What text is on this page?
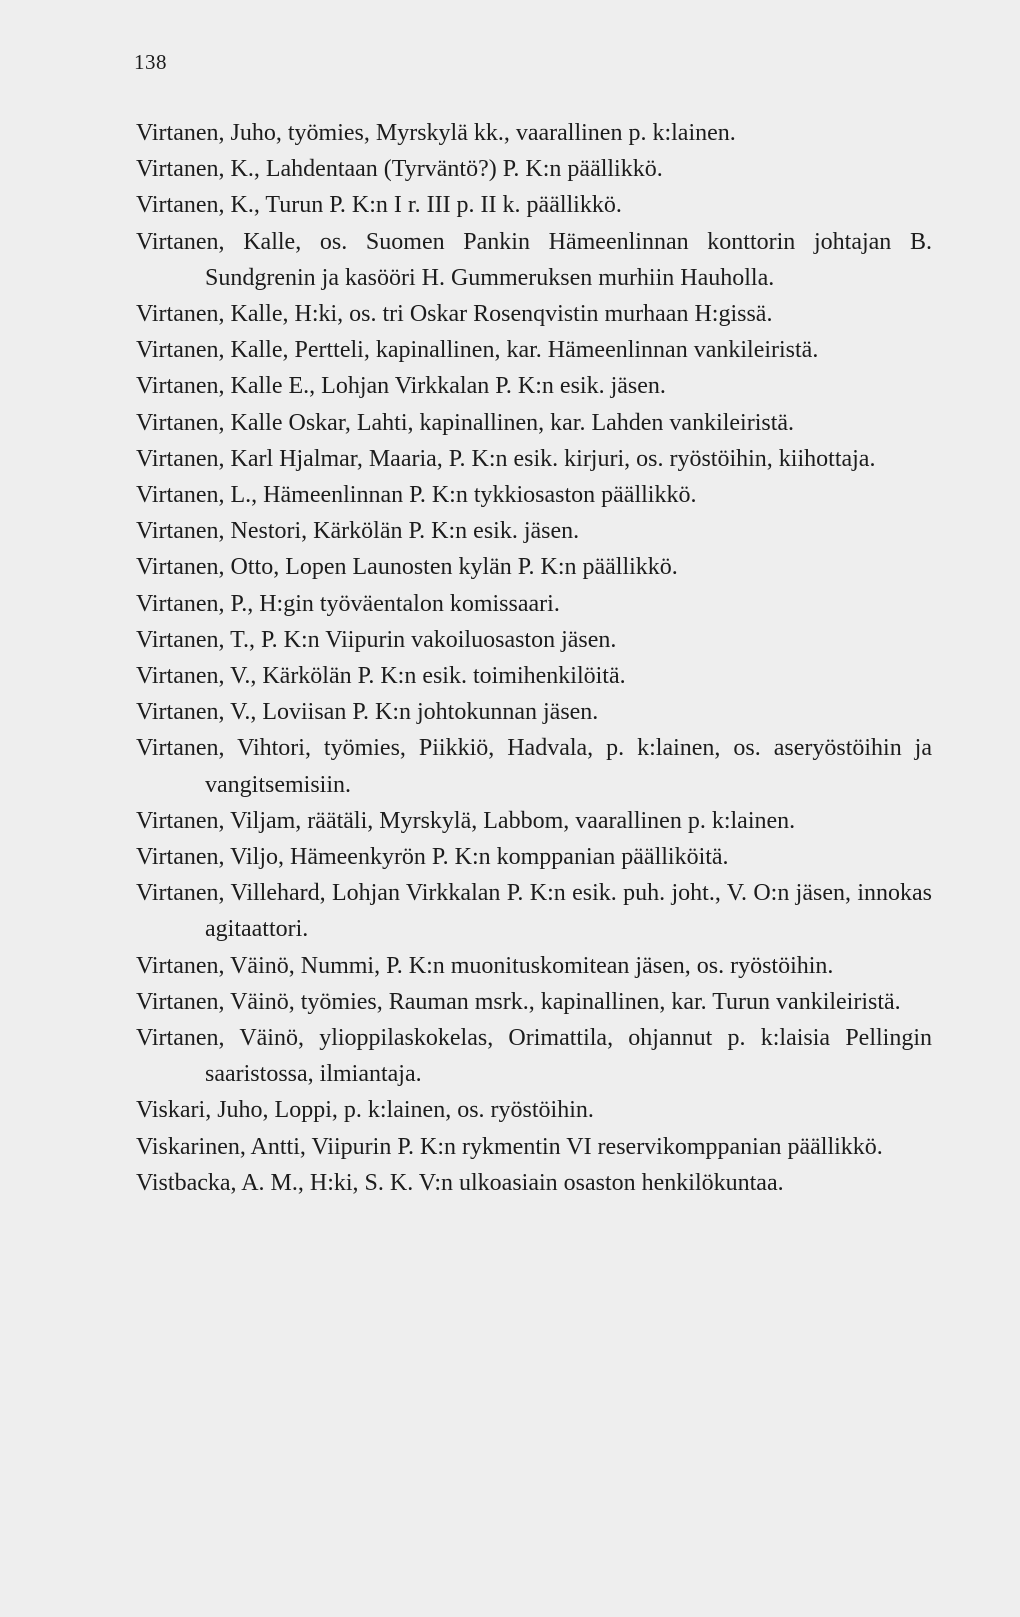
138

Virtanen, Juho, työmies, Myrskylä kk., vaarallinen p. k:lainen.

Virtanen, K., Lahdentaan (Tyrväntö?) P. K:n päällikkö.

Virtanen, K., Turun P. K:n I r. III p. II k. päällikkö.

Virtanen, Kalle, os. Suomen Pankin Hämeenlinnan konttorin johtajan B. Sundgrenin ja kasööri H. Gummeruksen murhiin Hauholla.

Virtanen, Kalle, H:ki, os. tri Oskar Rosenqvistin murhaan H:gissä.

Virtanen, Kalle, Pertteli, kapinallinen, kar. Hämeenlinnan vankileiristä.

Virtanen, Kalle E., Lohjan Virkkalan P. K:n esik. jäsen.

Virtanen, Kalle Oskar, Lahti, kapinallinen, kar. Lahden vankileiristä.

Virtanen, Karl Hjalmar, Maaria, P. K:n esik. kirjuri, os. ryöstöihin, kiihottaja.

Virtanen, L., Hämeenlinnan P. K:n tykkiosaston päällikkö.

Virtanen, Nestori, Kärkölän P. K:n esik. jäsen.

Virtanen, Otto, Lopen Launosten kylän P. K:n päällikkö.

Virtanen, P., H:gin työväentalon komissaari.

Virtanen, T., P. K:n Viipurin vakoiluosaston jäsen.

Virtanen, V., Kärkölän P. K:n esik. toimihenkilöitä.

Virtanen, V., Loviisan P. K:n johtokunnan jäsen.

Virtanen, Vihtori, työmies, Piikkiö, Hadvala, p. k:lainen, os. aseryöstöihin ja vangitsemisiin.

Virtanen, Viljam, räätäli, Myrskylä, Labbom, vaarallinen p. k:lainen.

Virtanen, Viljo, Hämeenkyrön P. K:n komppanian päälliköitä.

Virtanen, Villehard, Lohjan Virkkalan P. K:n esik. puh. joht., V. O:n jäsen, innokas agitaattori.

Virtanen, Väinö, Nummi, P. K:n muonituskomitean jäsen, os. ryöstöihin.

Virtanen, Väinö, työmies, Rauman msrk., kapinallinen, kar. Turun vankileiristä.

Virtanen, Väinö, ylioppilaskokelas, Orimattila, ohjannut p. k:laisia Pellingin saaristossa, ilmiantaja.

Viskari, Juho, Loppi, p. k:lainen, os. ryöstöihin.

Viskarinen, Antti, Viipurin P. K:n rykmentin VI reservikomppanian päällikkö.

Vistbacka, A. M., H:ki, S. K. V:n ulkoasiain osaston henkilökuntaa.
